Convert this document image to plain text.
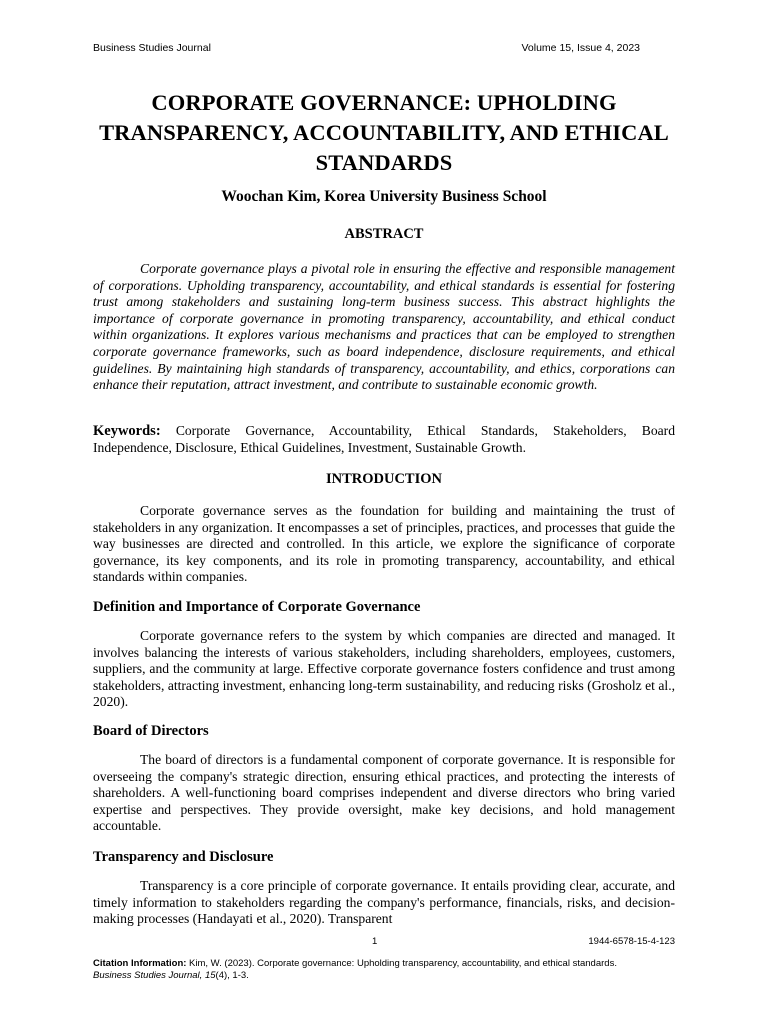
Business Studies Journal	Volume 15, Issue 4, 2023
CORPORATE GOVERNANCE: UPHOLDING TRANSPARENCY, ACCOUNTABILITY, AND ETHICAL STANDARDS
Woochan Kim, Korea University Business School
ABSTRACT

Corporate governance plays a pivotal role in ensuring the effective and responsible management of corporations. Upholding transparency, accountability, and ethical standards is essential for fostering trust among stakeholders and sustaining long-term business success. This abstract highlights the importance of corporate governance in promoting transparency, accountability, and ethical conduct within organizations. It explores various mechanisms and practices that can be employed to strengthen corporate governance frameworks, such as board independence, disclosure requirements, and ethical guidelines. By maintaining high standards of transparency, accountability, and ethics, corporations can enhance their reputation, attract investment, and contribute to sustainable economic growth.

Keywords: Corporate Governance, Accountability, Ethical Standards, Stakeholders, Board Independence, Disclosure, Ethical Guidelines, Investment, Sustainable Growth.

INTRODUCTION

Corporate governance serves as the foundation for building and maintaining the trust of stakeholders in any organization. It encompasses a set of principles, practices, and processes that guide the way businesses are directed and controlled. In this article, we explore the significance of corporate governance, its key components, and its role in promoting transparency, accountability, and ethical standards within companies.

Definition and Importance of Corporate Governance

Corporate governance refers to the system by which companies are directed and managed. It involves balancing the interests of various stakeholders, including shareholders, employees, customers, suppliers, and the community at large. Effective corporate governance fosters confidence and trust among stakeholders, attracting investment, enhancing long-term sustainability, and reducing risks (Grosholz et al., 2020).

Board of Directors

The board of directors is a fundamental component of corporate governance. It is responsible for overseeing the company's strategic direction, ensuring ethical practices, and protecting the interests of shareholders. A well-functioning board comprises independent and diverse directors who bring varied expertise and perspectives. They provide oversight, make key decisions, and hold management accountable.

Transparency and Disclosure

Transparency is a core principle of corporate governance. It entails providing clear, accurate, and timely information to stakeholders regarding the company's performance, financials, risks, and decision-making processes (Handayati et al., 2020). Transparent

1	1944-6578-15-4-123
Citation Information: Kim, W. (2023). Corporate governance: Upholding transparency, accountability, and ethical standards.
Business Studies Journal, 15(4), 1-3.
